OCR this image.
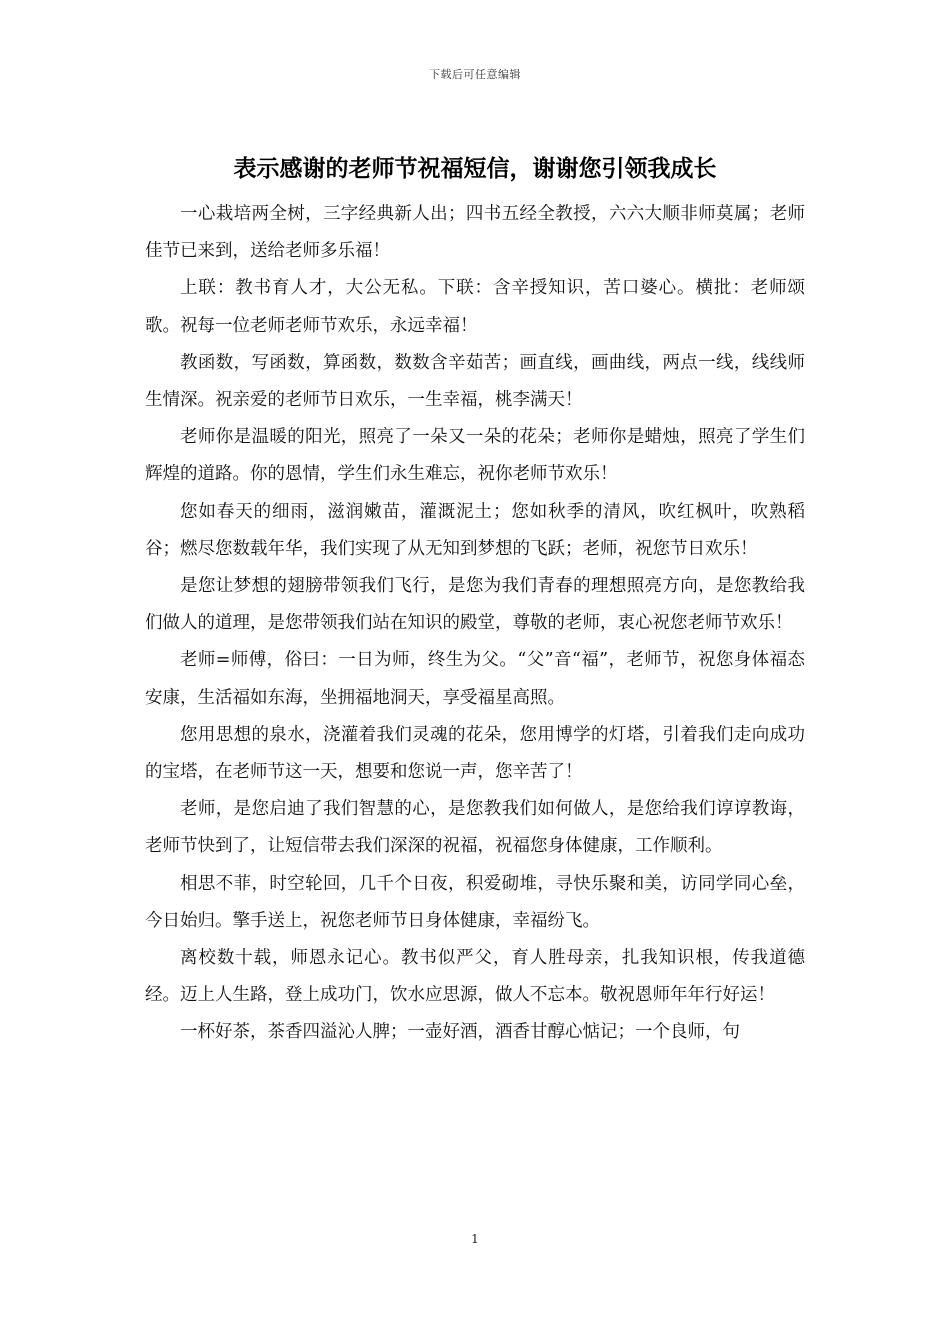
下载后可任意编辑
表示感谢的老师节祝福短信，谢谢您引领我成长

一心栽培两全树，三字经典新人出；四书五经全教授，六六大顺非师莫属；老师佳节已来到，送给老师多乐福！

上联：教书育人才，大公无私。下联：含辛授知识，苦口婆心。横批：老师颂歌。祝每一位老师老师节欢乐，永远幸福！

教函数，写函数，算函数，数数含辛茹苦；画直线，画曲线，两点一线，线线师生情深。祝亲爱的老师节日欢乐，一生幸福，桃李满天！

老师你是温暖的阳光，照亮了一朵又一朵的花朵；老师你是蜡烛，照亮了学生们辉煌的道路。你的恩情，学生们永生难忘，祝你老师节欢乐！

您如春天的细雨，滋润嫩苗，灌溉泥土；您如秋季的清风，吹红枫叶，吹熟稻谷；燃尽您数载年华，我们实现了从无知到梦想的飞跃；老师，祝您节日欢乐！

是您让梦想的翅膀带领我们飞行，是您为我们青春的理想照亮方向，是您教给我们做人的道理，是您带领我们站在知识的殿堂，尊敬的老师，衷心祝您老师节欢乐！

老师=师傅，俗曰：一日为师，终生为父。“父”音“福”，老师节，祝您身体福态安康，生活福如东海，坐拥福地洞天，享受福星高照。

您用思想的泉水，浇灌着我们灵魂的花朵，您用博学的灯塔，引着我们走向成功的宝塔，在老师节这一天，想要和您说一声，您辛苦了！

老师，是您启迪了我们智慧的心，是您教我们如何做人，是您给我们谆谆教诲，老师节快到了，让短信带去我们深深的祝福，祝福您身体健康，工作顺利。

相思不菲，时空轮回，几千个日夜，积爱砌堆，寻快乐聚和美，访同学同心垒，今日始归。擎手送上，祝您老师节日身体健康，幸福纷飞。

离校数十载，师恩永记心。教书似严父，育人胜母亲，扎我知识根，传我道德经。迈上人生路，登上成功门，饮水应思源，做人不忘本。敬祝恩师年年行好运！

一杯好茶，茶香四溢沁人脾；一壶好酒，酒香甘醇心惦记；一个良师，句

1
